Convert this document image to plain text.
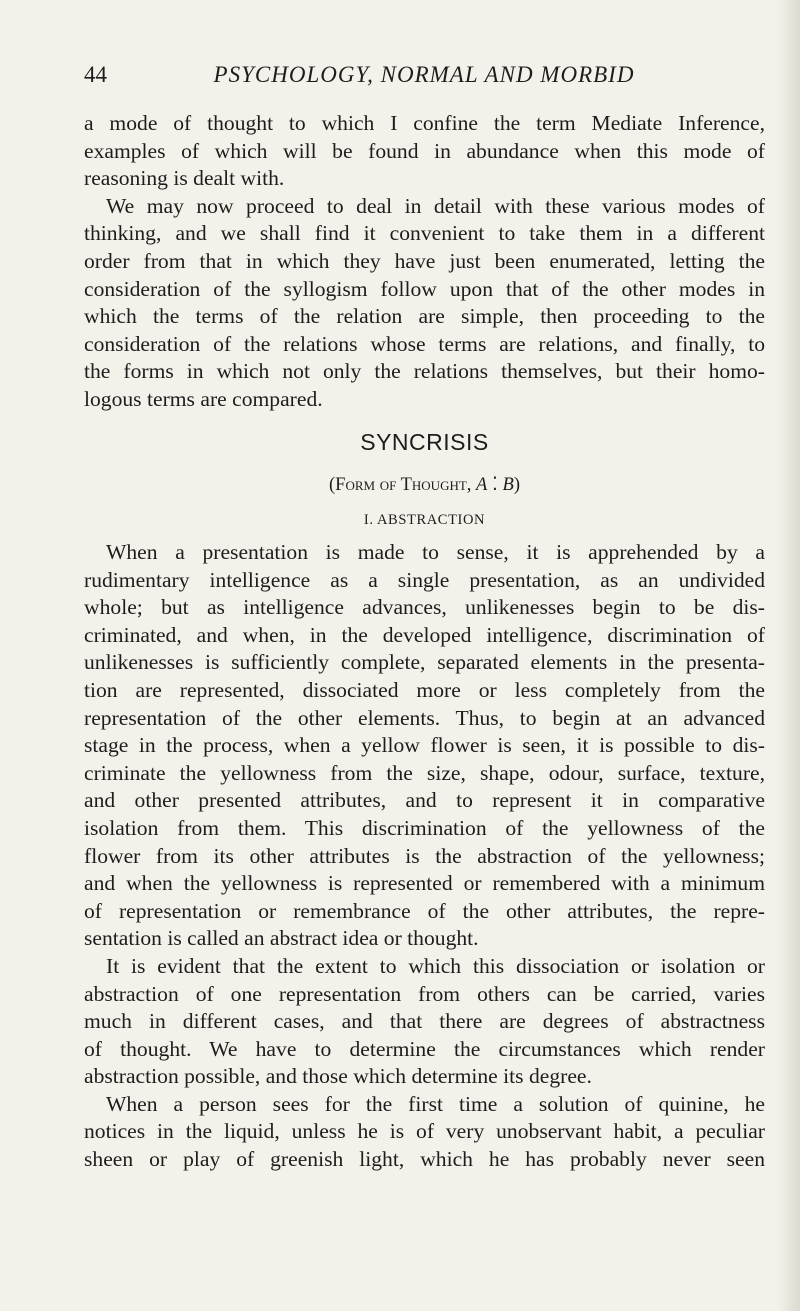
44	PSYCHOLOGY, NORMAL AND MORBID
a mode of thought to which I confine the term Mediate Inference,
examples of which will be found in abundance when this mode of
reasoning is dealt with.
We may now proceed to deal in detail with these various modes of
thinking, and we shall find it convenient to take them in a different
order from that in which they have just been enumerated, letting the
consideration of the syllogism follow upon that of the other modes in
which the terms of the relation are simple, then proceeding to the
consideration of the relations whose terms are relations, and finally, to
the forms in which not only the relations themselves, but their homo-
logous terms are compared.
SYNCRISIS
(Form of Thought, A ⁚ B)
I. ABSTRACTION
When a presentation is made to sense, it is apprehended by a
rudimentary intelligence as a single presentation, as an undivided
whole; but as intelligence advances, unlikenesses begin to be dis-
criminated, and when, in the developed intelligence, discrimination of
unlikenesses is sufficiently complete, separated elements in the presenta-
tion are represented, dissociated more or less completely from the
representation of the other elements. Thus, to begin at an advanced
stage in the process, when a yellow flower is seen, it is possible to dis-
criminate the yellowness from the size, shape, odour, surface, texture,
and other presented attributes, and to represent it in comparative
isolation from them. This discrimination of the yellowness of the
flower from its other attributes is the abstraction of the yellowness;
and when the yellowness is represented or remembered with a minimum
of representation or remembrance of the other attributes, the repre-
sentation is called an abstract idea or thought.
It is evident that the extent to which this dissociation or isolation or
abstraction of one representation from others can be carried, varies
much in different cases, and that there are degrees of abstractness
of thought. We have to determine the circumstances which render
abstraction possible, and those which determine its degree.
When a person sees for the first time a solution of quinine, he
notices in the liquid, unless he is of very unobservant habit, a peculiar
sheen or play of greenish light, which he has probably never seen
